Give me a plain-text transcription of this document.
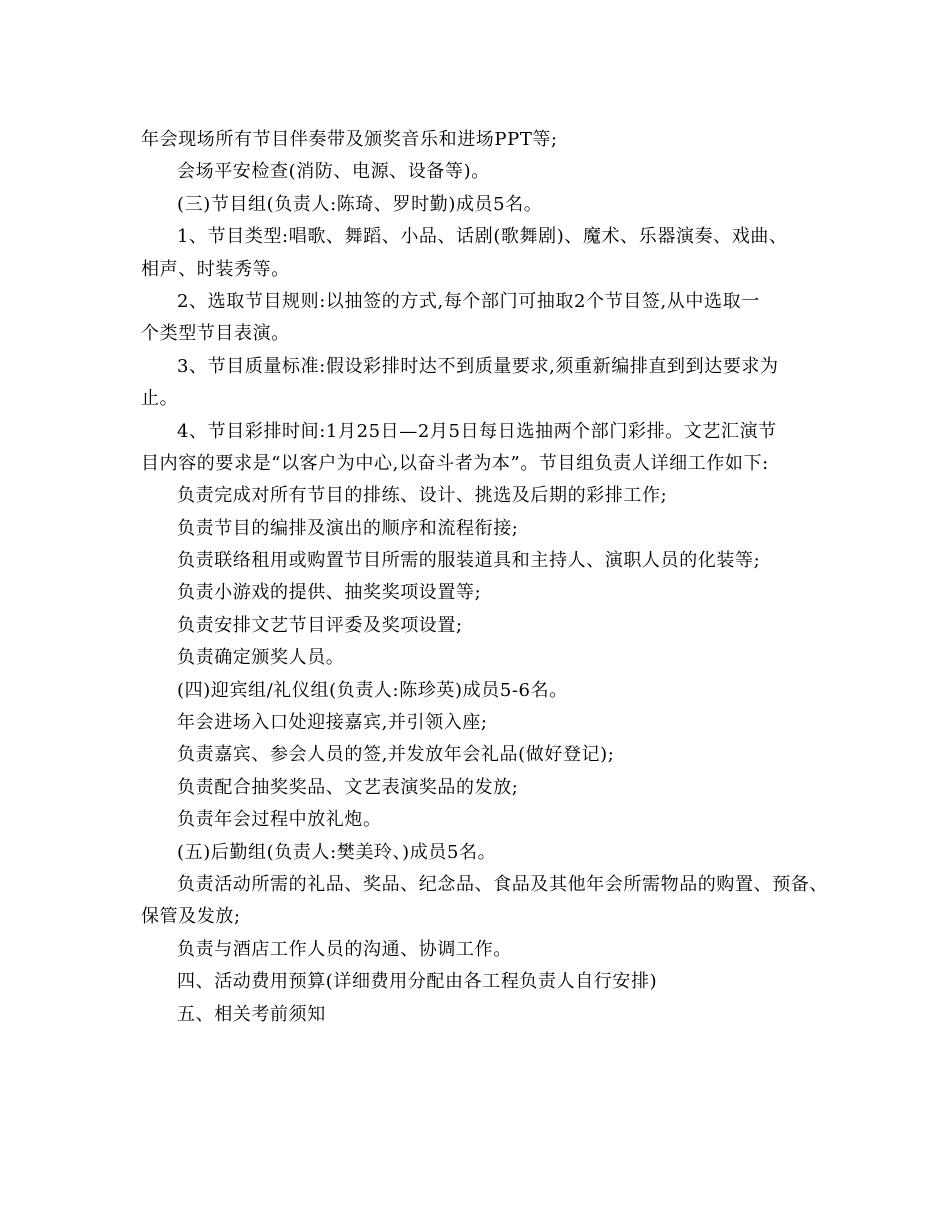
年会现场所有节目伴奏带及颁奖音乐和进场PPT等;
会场平安检查(消防、电源、设备等)。
(三)节目组(负责人:陈琦、罗时勤)成员5名。
1、节目类型:唱歌、舞蹈、小品、话剧(歌舞剧)、魔术、乐器演奏、戏曲、
相声、时装秀等。
2、选取节目规则:以抽签的方式,每个部门可抽取2个节目签,从中选取一
个类型节目表演。
3、节目质量标准:假设彩排时达不到质量要求,须重新编排直到到达要求为
止。
4、节目彩排时间:1月25日—2月5日每日选抽两个部门彩排。文艺汇演节
目内容的要求是“以客户为中心,以奋斗者为本”。节目组负责人详细工作如下:
负责完成对所有节目的排练、设计、挑选及后期的彩排工作;
负责节目的编排及演出的顺序和流程衔接;
负责联络租用或购置节目所需的服装道具和主持人、演职人员的化装等;
负责小游戏的提供、抽奖奖项设置等;
负责安排文艺节目评委及奖项设置;
负责确定颁奖人员。
(四)迎宾组/礼仪组(负责人:陈珍英)成员5-6名。
年会进场入口处迎接嘉宾,并引领入座;
负责嘉宾、参会人员的签,并发放年会礼品(做好登记);
负责配合抽奖奖品、文艺表演奖品的发放;
负责年会过程中放礼炮。
(五)后勤组(负责人:樊美玲、)成员5名。
负责活动所需的礼品、奖品、纪念品、食品及其他年会所需物品的购置、预备、
保管及发放;
负责与酒店工作人员的沟通、协调工作。
四、活动费用预算(详细费用分配由各工程负责人自行安排)
五、相关考前须知
